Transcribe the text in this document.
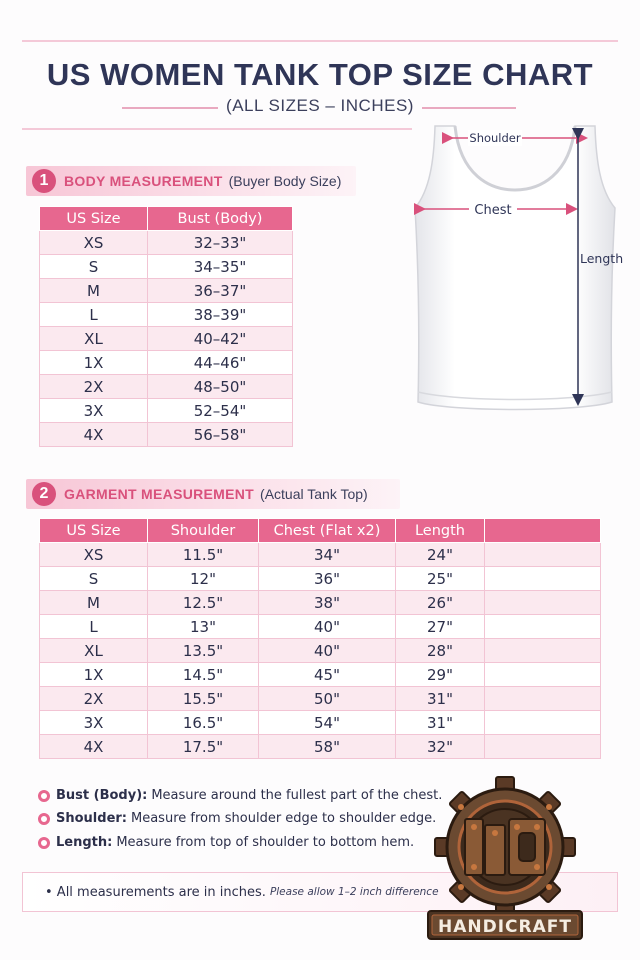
US WOMEN TANK TOP SIZE CHART
(ALL SIZES – INCHES)
1	BODY MEASUREMENT (Buyer Body Size)
US Size	Bust (Body)
XS	32–33"
S	34–35"
M	36–37"
L	38–39"
XL	40–42"
1X	44–46"
2X	48–50"
3X	52–54"
4X	56–58"
Chest
Shoulder
Length
2	GARMENT MEASUREMENT (Actual Tank Top)
US Size	Shoulder	Chest (Flat x2)	Length	
XS	11.5"	34"	24"	
S	12"	36"	25"	
M	12.5"	38"	26"	
L	13"	40"	27"	
XL	13.5"	40"	28"	
1X	14.5"	45"	29"	
2X	15.5"	50"	31"	
3X	16.5"	54"	31"	
4X	17.5"	58"	32"	
Bust (Body): Measure around the fullest part of the chest.
Shoulder: Measure from shoulder edge to shoulder edge.
Length: Measure from top of shoulder to bottom hem.
• All measurements are in inches. Please allow 1–2 inch difference
HANDICRAFT
